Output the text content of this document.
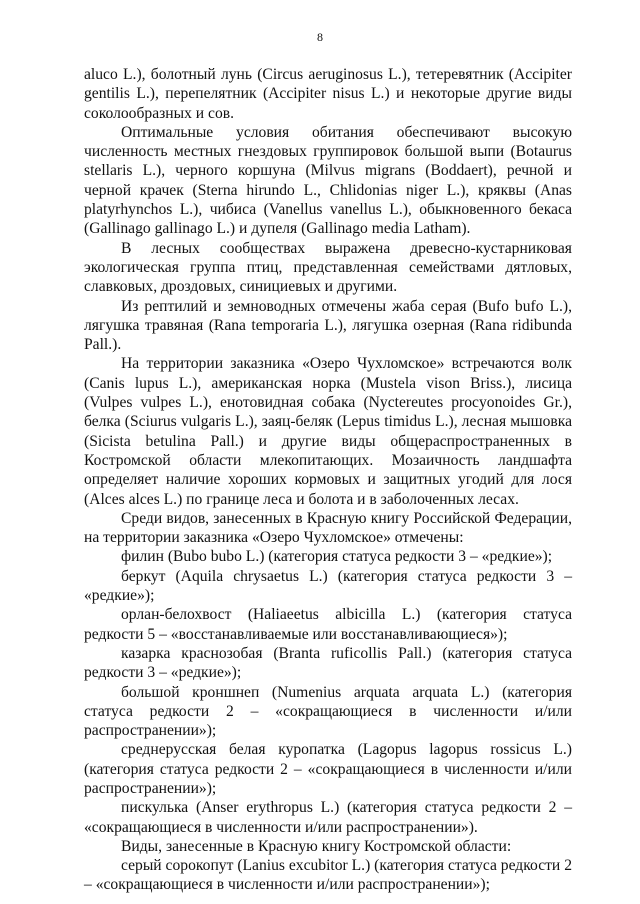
8

aluco L.), болотный лунь (Circus aeruginosus L.), тетеревятник (Accipiter gentilis L.), перепелятник (Accipiter nisus L.) и некоторые другие виды соколообразных и сов.

Оптимальные условия обитания обеспечивают высокую численность местных гнездовых группировок большой выпи (Botaurus stellaris L.), черного коршуна (Milvus migrans (Boddaert), речной и черной крачек (Sterna hirundo L., Chlidonias niger L.), кряквы (Anas platyrhynchos L.), чибиса (Vanellus vanellus L.), обыкновенного бекаса (Gallinago gallinago L.) и дупеля (Gallinago media Latham).

В лесных сообществах выражена древесно-кустарниковая экологическая группа птиц, представленная семействами дятловых, славковых, дроздовых, синициевых и другими.

Из рептилий и земноводных отмечены жаба серая (Bufo bufo L.), лягушка травяная (Rana temporaria L.), лягушка озерная (Rana ridibunda Pall.).

На территории заказника «Озеро Чухломское» встречаются волк (Canis lupus L.), американская норка (Mustela vison Briss.), лисица (Vulpes vulpes L.), енотовидная собака (Nyctereutes procyonoides Gr.), белка (Sciurus vulgaris L.), заяц-беляк (Lepus timidus L.), лесная мышовка (Sicista betulina Pall.) и другие виды общераспространенных в Костромской области млекопитающих. Мозаичность ландшафта определяет наличие хороших кормовых и защитных угодий для лося (Alces alces L.) по границе леса и болота и в заболоченных лесах.

Среди видов, занесенных в Красную книгу Российской Федерации, на территории заказника «Озеро Чухломское» отмечены:

филин (Bubo bubo L.) (категория статуса редкости 3 – «редкие»);

беркут (Aquila chrysaetus L.) (категория статуса редкости 3 – «редкие»);

орлан-белохвост (Haliaeetus albicilla L.) (категория статуса редкости 5 – «восстанавливаемые или восстанавливающиеся»);

казарка краснозобая (Branta ruficollis Pall.) (категория статуса редкости 3 – «редкие»);

большой кроншнеп (Numenius arquata arquata L.) (категория статуса редкости 2 – «сокращающиеся в численности и/или распространении»);

среднерусская белая куропатка (Lagopus lagopus rossicus L.) (категория статуса редкости 2 – «сокращающиеся в численности и/или распространении»);

пискулька (Anser erythropus L.) (категория статуса редкости 2 – «сокращающиеся в численности и/или распространении»).

Виды, занесенные в Красную книгу Костромской области:

серый сорокопут (Lanius excubitor L.) (категория статуса редкости 2 – «сокращающиеся в численности и/или распространении»);
